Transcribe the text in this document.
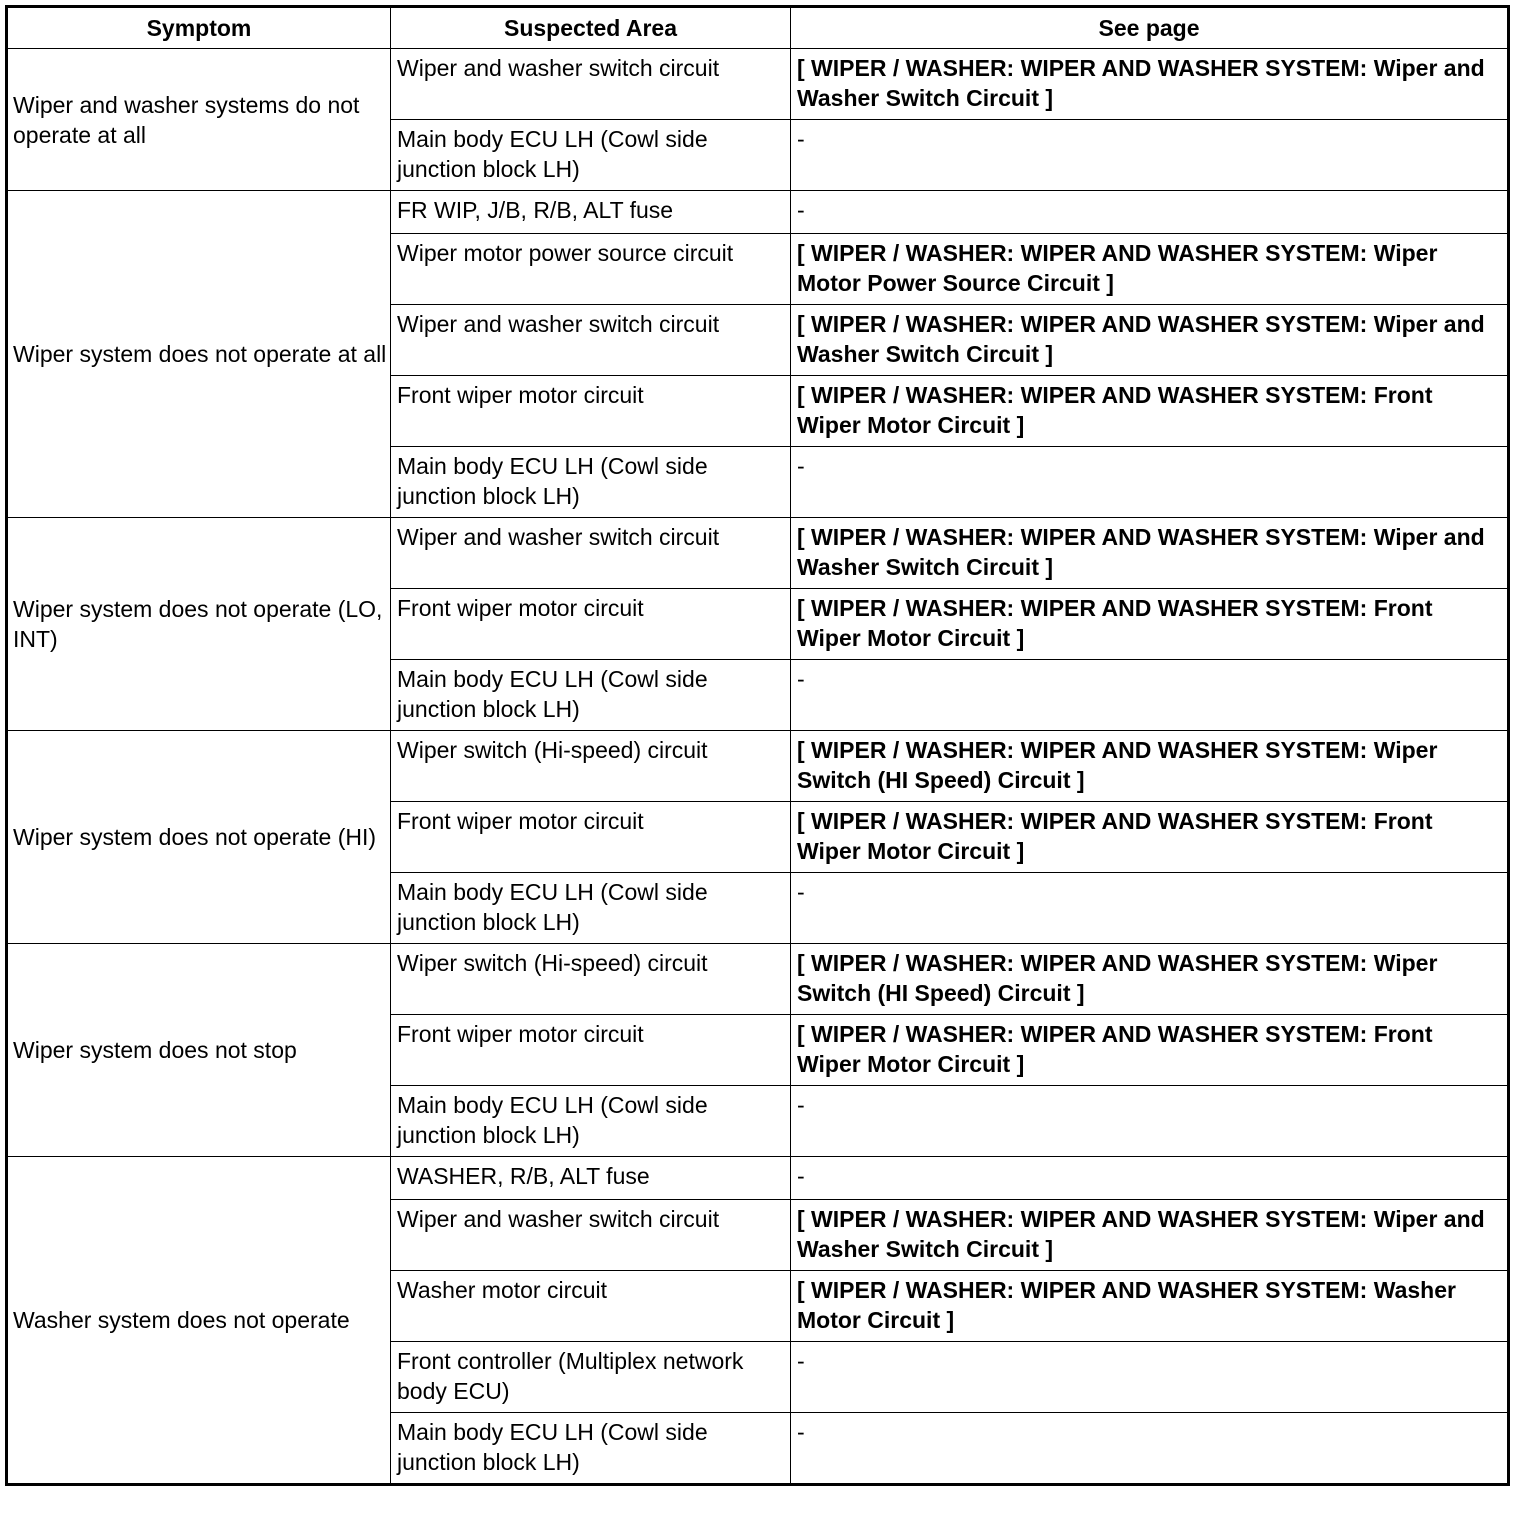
Symptom	Suspected Area	See page
Wiper and washer systems do not operate at all	Wiper and washer switch circuit	[ WIPER / WASHER: WIPER AND WASHER SYSTEM: Wiper and Washer Switch Circuit ]
	Main body ECU LH (Cowl side junction block LH)	-
Wiper system does not operate at all	FR WIP, J/B, R/B, ALT fuse	-
	Wiper motor power source circuit	[ WIPER / WASHER: WIPER AND WASHER SYSTEM: Wiper Motor Power Source Circuit ]
	Wiper and washer switch circuit	[ WIPER / WASHER: WIPER AND WASHER SYSTEM: Wiper and Washer Switch Circuit ]
	Front wiper motor circuit	[ WIPER / WASHER: WIPER AND WASHER SYSTEM: Front Wiper Motor Circuit ]
	Main body ECU LH (Cowl side junction block LH)	-
Wiper system does not operate (LO, INT)	Wiper and washer switch circuit	[ WIPER / WASHER: WIPER AND WASHER SYSTEM: Wiper and Washer Switch Circuit ]
	Front wiper motor circuit	[ WIPER / WASHER: WIPER AND WASHER SYSTEM: Front Wiper Motor Circuit ]
	Main body ECU LH (Cowl side junction block LH)	-
Wiper system does not operate (HI)	Wiper switch (Hi-speed) circuit	[ WIPER / WASHER: WIPER AND WASHER SYSTEM: Wiper Switch (HI Speed) Circuit ]
	Front wiper motor circuit	[ WIPER / WASHER: WIPER AND WASHER SYSTEM: Front Wiper Motor Circuit ]
	Main body ECU LH (Cowl side junction block LH)	-
Wiper system does not stop	Wiper switch (Hi-speed) circuit	[ WIPER / WASHER: WIPER AND WASHER SYSTEM: Wiper Switch (HI Speed) Circuit ]
	Front wiper motor circuit	[ WIPER / WASHER: WIPER AND WASHER SYSTEM: Front Wiper Motor Circuit ]
	Main body ECU LH (Cowl side junction block LH)	-
Washer system does not operate	WASHER, R/B, ALT fuse	-
	Wiper and washer switch circuit	[ WIPER / WASHER: WIPER AND WASHER SYSTEM: Wiper and Washer Switch Circuit ]
	Washer motor circuit	[ WIPER / WASHER: WIPER AND WASHER SYSTEM: Washer Motor Circuit ]
	Front controller (Multiplex network body ECU)	-
	Main body ECU LH (Cowl side junction block LH)	-
